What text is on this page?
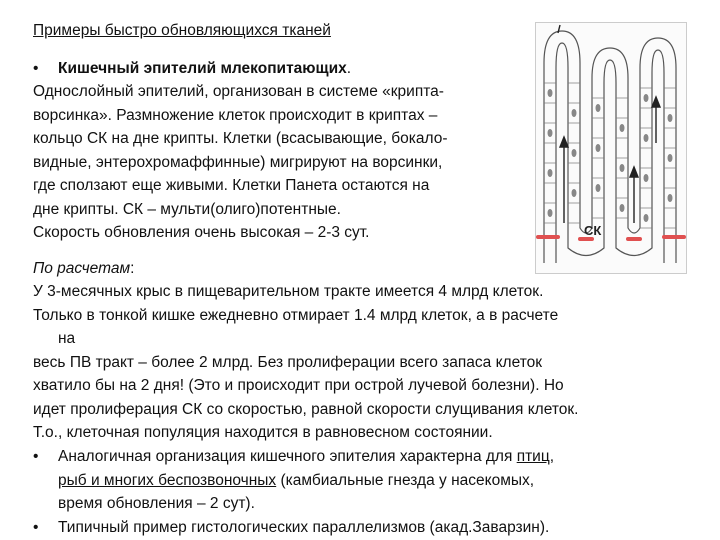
Примеры быстро обновляющихся тканей
• Кишечный эпителий млекопитающих.
Однослойный эпителий, организован в системе «крипта-
ворсинка». Размножение клеток происходит в криптах –
кольцо СК на дне крипты. Клетки (всасывающие, бокало-
видные, энтерохромаффинные) мигрируют на ворсинки,
где сползают еще живыми. Клетки Панета остаются на
дне крипты. СК – мульти(олиго)потентные.
Скорость обновления очень высокая – 2-3 сут.
По расчетам:
У 3-месячных крыс в пищеварительном тракте имеется 4 млрд клеток.
Только в тонкой кишке ежедневно отмирает 1.4 млрд клеток, а в расчете
на
весь ПВ тракт – более 2 млрд. Без пролиферации всего запаса клеток
хватило бы на 2 дня! (Это и происходит при острой лучевой болезни). Но
идет пролиферация СК со скоростью, равной скорости слущивания клеток.
Т.о., клеточная популяция находится в равновесном состоянии.
• Аналогичная организация кишечного эпителия характерна для птиц,
рыб и многих беспозвоночных (камбиальные гнезда у насекомых,
время обновления – 2 сут).
• Типичный пример гистологических параллелизмов (акад.Заварзин).
СК
